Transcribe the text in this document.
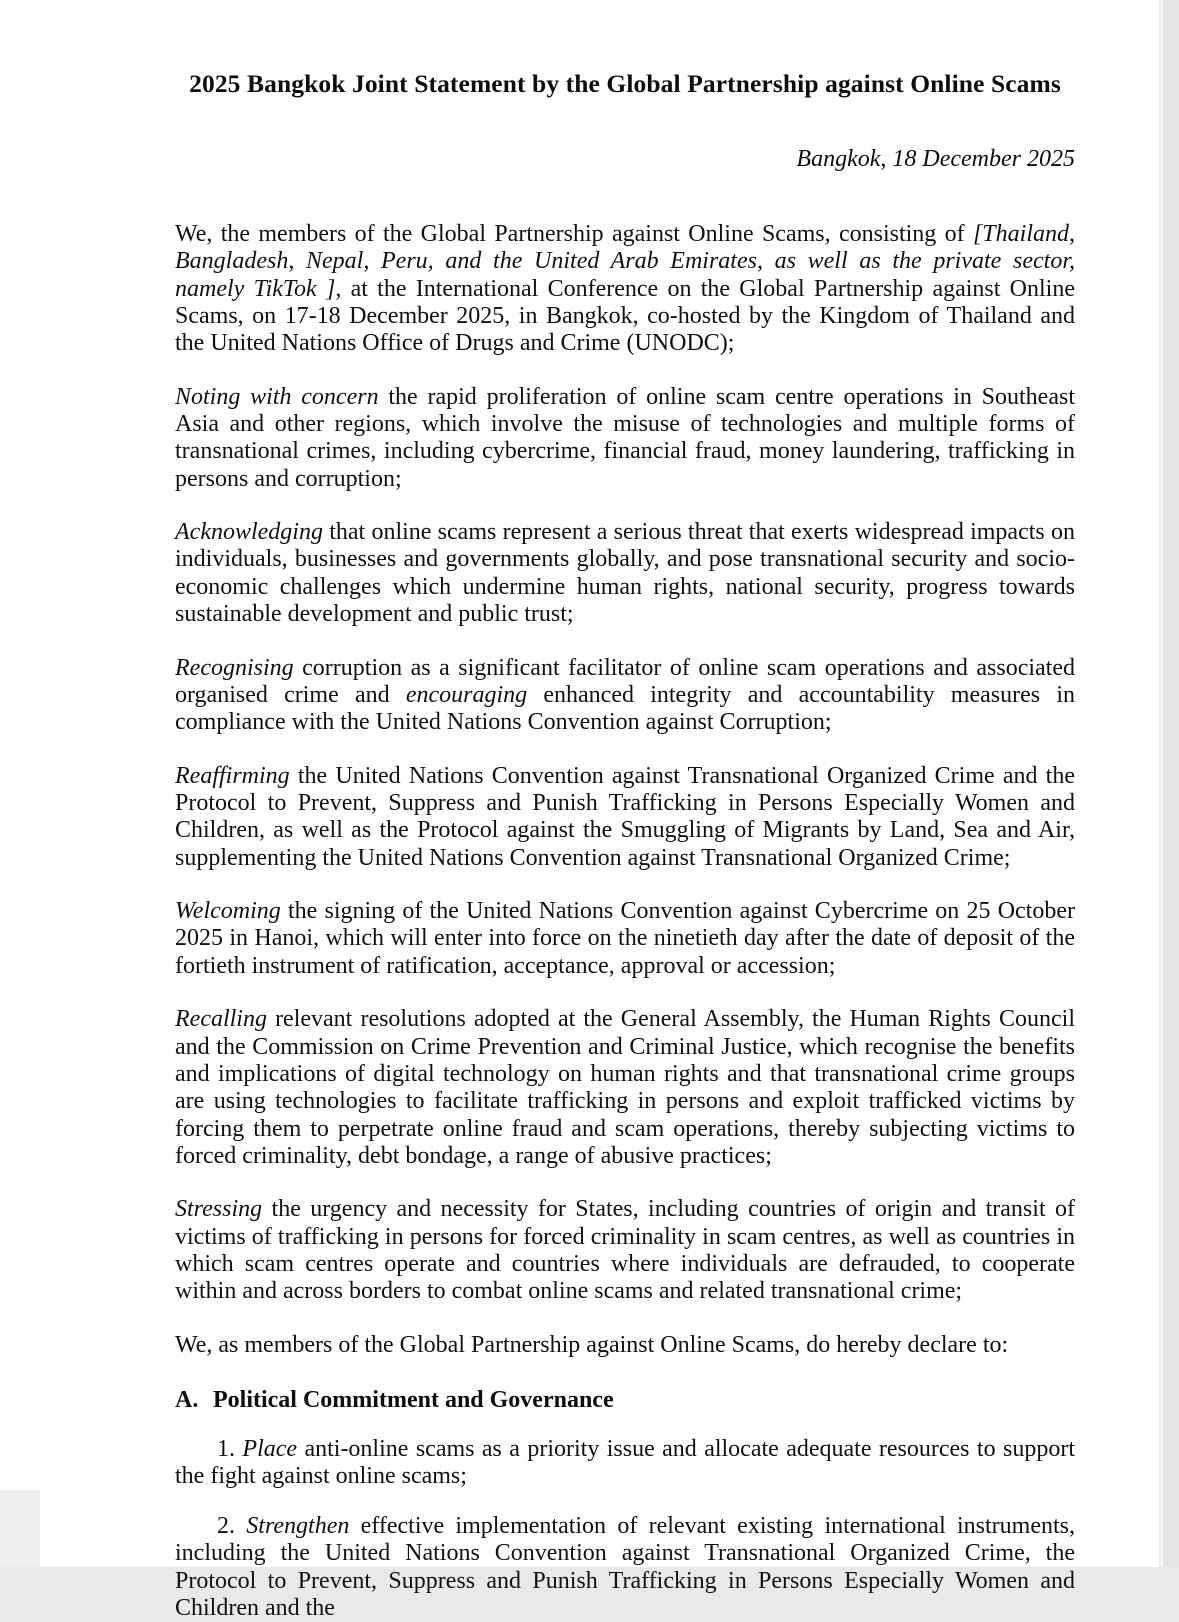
2025 Bangkok Joint Statement by the Global Partnership against Online Scams
Bangkok, 18 December 2025

We, the members of the Global Partnership against Online Scams, consisting of [Thailand, Bangladesh, Nepal, Peru, and the United Arab Emirates, as well as the private sector, namely TikTok ], at the International Conference on the Global Partnership against Online Scams, on 17-18 December 2025, in Bangkok, co-hosted by the Kingdom of Thailand and the United Nations Office of Drugs and Crime (UNODC);

Noting with concern the rapid proliferation of online scam centre operations in Southeast Asia and other regions, which involve the misuse of technologies and multiple forms of transnational crimes, including cybercrime, financial fraud, money laundering, trafficking in persons and corruption;

Acknowledging that online scams represent a serious threat that exerts widespread impacts on individuals, businesses and governments globally, and pose transnational security and socio-economic challenges which undermine human rights, national security, progress towards sustainable development and public trust;

Recognising corruption as a significant facilitator of online scam operations and associated organised crime and encouraging enhanced integrity and accountability measures in compliance with the United Nations Convention against Corruption;

Reaffirming the United Nations Convention against Transnational Organized Crime and the Protocol to Prevent, Suppress and Punish Trafficking in Persons Especially Women and Children, as well as the Protocol against the Smuggling of Migrants by Land, Sea and Air, supplementing the United Nations Convention against Transnational Organized Crime;

Welcoming the signing of the United Nations Convention against Cybercrime on 25 October 2025 in Hanoi, which will enter into force on the ninetieth day after the date of deposit of the fortieth instrument of ratification, acceptance, approval or accession;

Recalling relevant resolutions adopted at the General Assembly, the Human Rights Council and the Commission on Crime Prevention and Criminal Justice, which recognise the benefits and implications of digital technology on human rights and that transnational crime groups are using technologies to facilitate trafficking in persons and exploit trafficked victims by forcing them to perpetrate online fraud and scam operations, thereby subjecting victims to forced criminality, debt bondage, a range of abusive practices;

Stressing the urgency and necessity for States, including countries of origin and transit of victims of trafficking in persons for forced criminality in scam centres, as well as countries in which scam centres operate and countries where individuals are defrauded, to cooperate within and across borders to combat online scams and related transnational crime;

We, as members of the Global Partnership against Online Scams, do hereby declare to:

A. Political Commitment and Governance

1. Place anti-online scams as a priority issue and allocate adequate resources to support the fight against online scams;

2. Strengthen effective implementation of relevant existing international instruments, including the United Nations Convention against Transnational Organized Crime, the Protocol to Prevent, Suppress and Punish Trafficking in Persons Especially Women and Children and the
